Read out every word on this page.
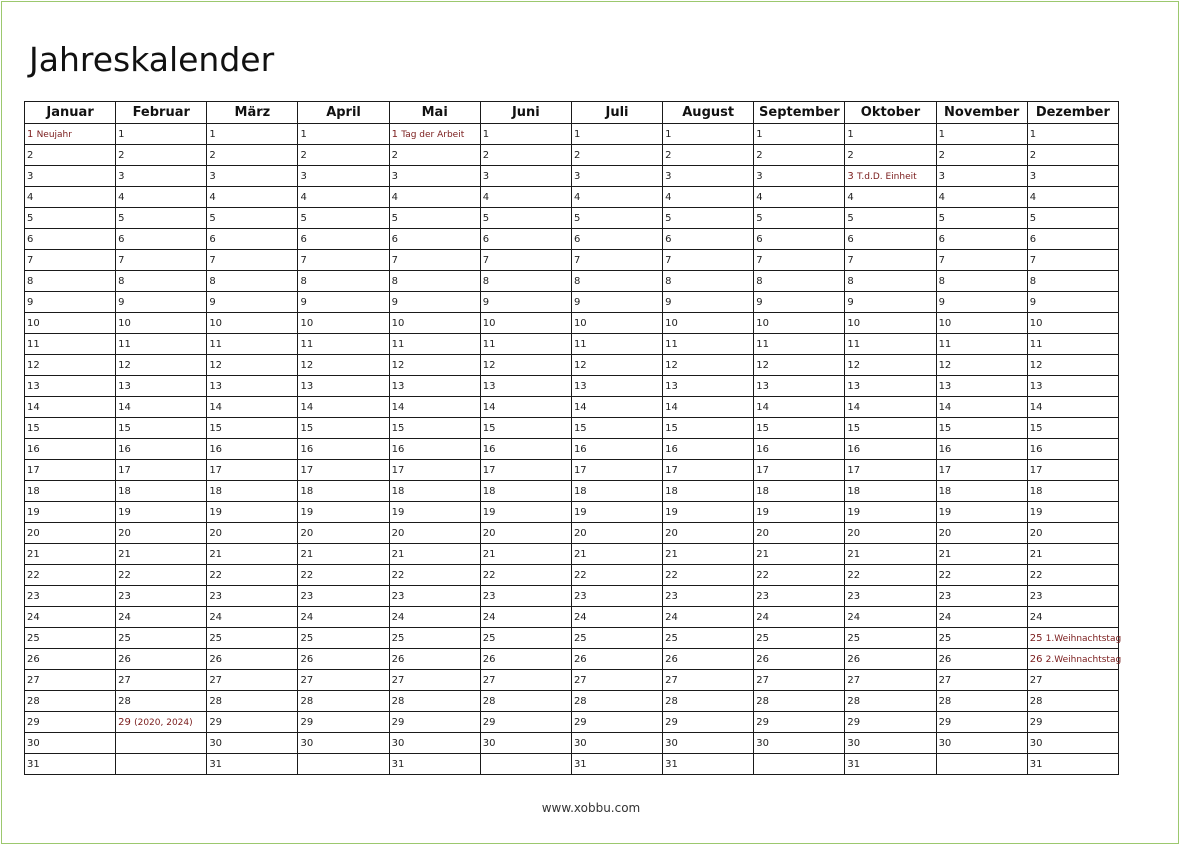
Jahreskalender
Januar	Februar	März	April	Mai	Juni	Juli	August	September	Oktober	November	Dezember
1 Neujahr	1	1	1	1 Tag der Arbeit	1	1	1	1	1	1	1
2	2	2	2	2	2	2	2	2	2	2	2
3	3	3	3	3	3	3	3	3	3 T.d.D. Einheit	3	3
4	4	4	4	4	4	4	4	4	4	4	4
5	5	5	5	5	5	5	5	5	5	5	5
6	6	6	6	6	6	6	6	6	6	6	6
7	7	7	7	7	7	7	7	7	7	7	7
8	8	8	8	8	8	8	8	8	8	8	8
9	9	9	9	9	9	9	9	9	9	9	9
10	10	10	10	10	10	10	10	10	10	10	10
11	11	11	11	11	11	11	11	11	11	11	11
12	12	12	12	12	12	12	12	12	12	12	12
13	13	13	13	13	13	13	13	13	13	13	13
14	14	14	14	14	14	14	14	14	14	14	14
15	15	15	15	15	15	15	15	15	15	15	15
16	16	16	16	16	16	16	16	16	16	16	16
17	17	17	17	17	17	17	17	17	17	17	17
18	18	18	18	18	18	18	18	18	18	18	18
19	19	19	19	19	19	19	19	19	19	19	19
20	20	20	20	20	20	20	20	20	20	20	20
21	21	21	21	21	21	21	21	21	21	21	21
22	22	22	22	22	22	22	22	22	22	22	22
23	23	23	23	23	23	23	23	23	23	23	23
24	24	24	24	24	24	24	24	24	24	24	24
25	25	25	25	25	25	25	25	25	25	25	25 1.Weihnachtstag
26	26	26	26	26	26	26	26	26	26	26	26 2.Weihnachtstag
27	27	27	27	27	27	27	27	27	27	27	27
28	28	28	28	28	28	28	28	28	28	28	28
29	29 (2020, 2024)	29	29	29	29	29	29	29	29	29	29
30		30	30	30	30	30	30	30	30	30	30
31		31		31		31	31		31		31
www.xobbu.com
